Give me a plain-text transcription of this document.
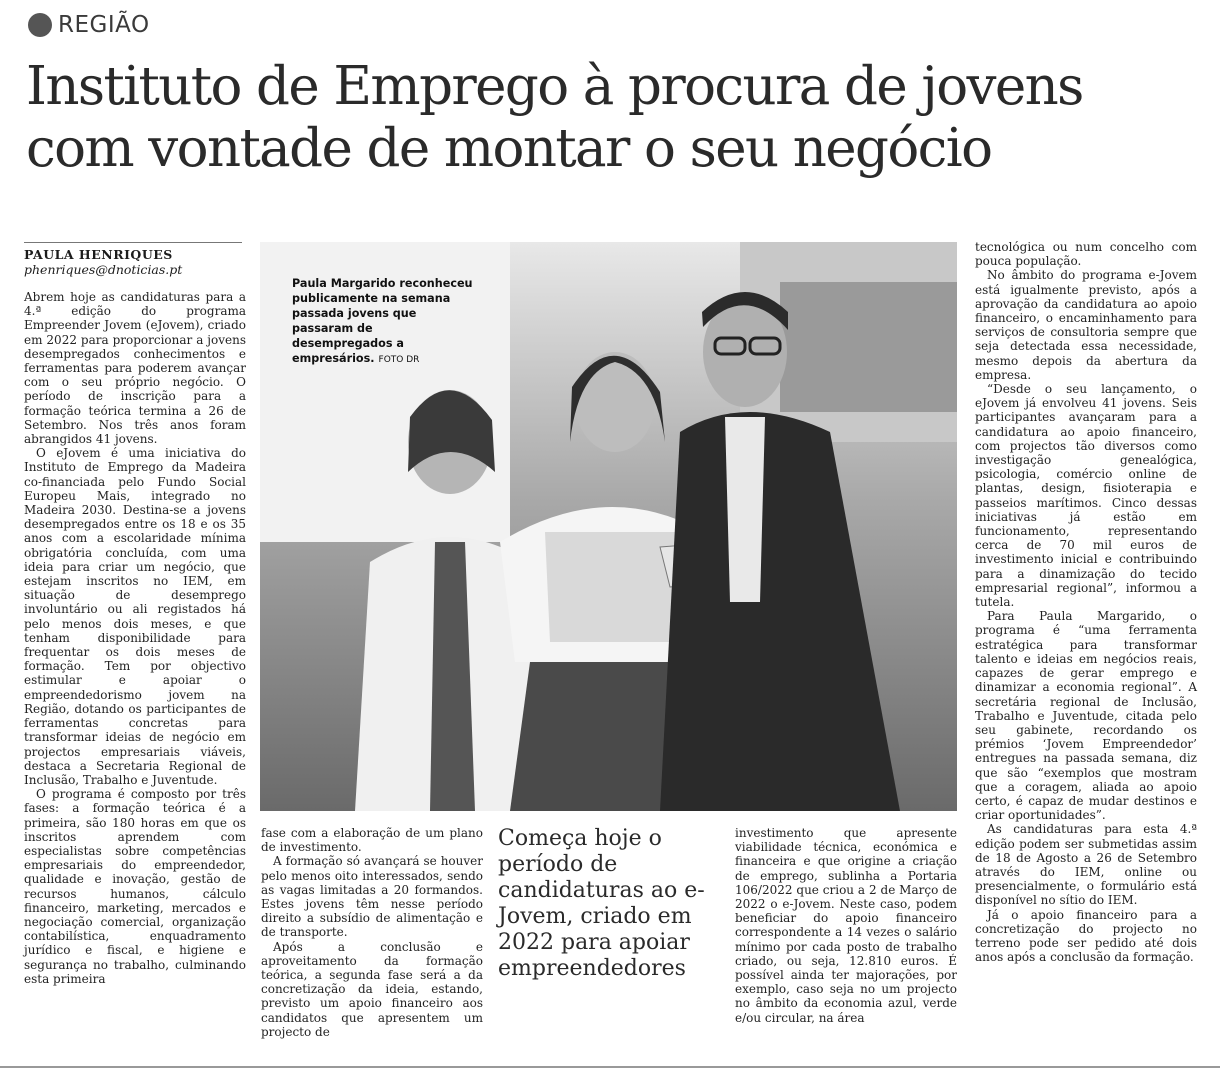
REGIÃO
Instituto de Emprego à procura de jovens com vontade de montar o seu negócio
PAULA HENRIQUES
phenriques@dnoticias.pt

Abrem hoje as candidaturas para a 4.ª edição do programa Empreender Jovem (eJovem), criado em 2022 para proporcionar a jovens desempregados conhecimentos e ferramentas para poderem avançar com o seu próprio negócio. O período de inscrição para a formação teórica termina a 26 de Setembro. Nos três anos foram abrangidos 41 jovens.

O eJovem é uma iniciativa do Instituto de Emprego da Madeira co-financiada pelo Fundo Social Europeu Mais, integrado no Madeira 2030. Destina-se a jovens desempregados entre os 18 e os 35 anos com a escolaridade mínima obrigatória concluída, com uma ideia para criar um negócio, que estejam inscritos no IEM, em situação de desemprego involuntário ou ali registados há pelo menos dois meses, e que tenham disponibilidade para frequentar os dois meses de formação. Tem por objectivo estimular e apoiar o empreendedorismo jovem na Região, dotando os participantes de ferramentas concretas para transformar ideias de negócio em projectos empresariais viáveis, destaca a Secretaria Regional de Inclusão, Trabalho e Juventude.

O programa é composto por três fases: a formação teórica é a primeira, são 180 horas em que os inscritos aprendem com especialistas sobre competências empresariais do empreendedor, qualidade e inovação, gestão de recursos humanos, cálculo financeiro, marketing, mercados e negociação comercial, organização contabilística, enquadramento jurídico e fiscal, e higiene e segurança no trabalho, culminando esta primeira

Paula Margarido reconheceu publicamente na semana passada jovens que passaram de desempregados a empresários. FOTO DR

fase com a elaboração de um plano de investimento.

A formação só avançará se houver pelo menos oito interessados, sendo as vagas limitadas a 20 formandos. Estes jovens têm nesse período direito a subsídio de alimentação e de transporte.

Após a conclusão e aproveitamento da formação teórica, a segunda fase será a da concretização da ideia, estando, previsto um apoio financeiro aos candidatos que apresentem um projecto de

Começa hoje o período de candidaturas ao e-Jovem, criado em 2022 para apoiar empreendedores

investimento que apresente viabilidade técnica, económica e financeira e que origine a criação de emprego, sublinha a Portaria 106/2022 que criou a 2 de Março de 2022 o e-Jovem. Neste caso, podem beneficiar do apoio financeiro correspondente a 14 vezes o salário mínimo por cada posto de trabalho criado, ou seja, 12.810 euros. É possível ainda ter majorações, por exemplo, caso seja no um projecto no âmbito da economia azul, verde e/ou circular, na área

tecnológica ou num concelho com pouca população.

No âmbito do programa e-Jovem está igualmente previsto, após a aprovação da candidatura ao apoio financeiro, o encaminhamento para serviços de consultoria sempre que seja detectada essa necessidade, mesmo depois da abertura da empresa.

“Desde o seu lançamento, o eJovem já envolveu 41 jovens. Seis participantes avançaram para a candidatura ao apoio financeiro, com projectos tão diversos como investigação genealógica, psicologia, comércio online de plantas, design, fisioterapia e passeios marítimos. Cinco dessas iniciativas já estão em funcionamento, representando cerca de 70 mil euros de investimento inicial e contribuindo para a dinamização do tecido empresarial regional”, informou a tutela.

Para Paula Margarido, o programa é “uma ferramenta estratégica para transformar talento e ideias em negócios reais, capazes de gerar emprego e dinamizar a economia regional”. A secretária regional de Inclusão, Trabalho e Juventude, citada pelo seu gabinete, recordando os prémios ‘Jovem Empreendedor’ entregues na passada semana, diz que são “exemplos que mostram que a coragem, aliada ao apoio certo, é capaz de mudar destinos e criar oportunidades”.

As candidaturas para esta 4.ª edição podem ser submetidas assim de 18 de Agosto a 26 de Setembro através do IEM, online ou presencialmente, o formulário está disponível no sítio do IEM.

Já o apoio financeiro para a concretização do projecto no terreno pode ser pedido até dois anos após a conclusão da formação.
